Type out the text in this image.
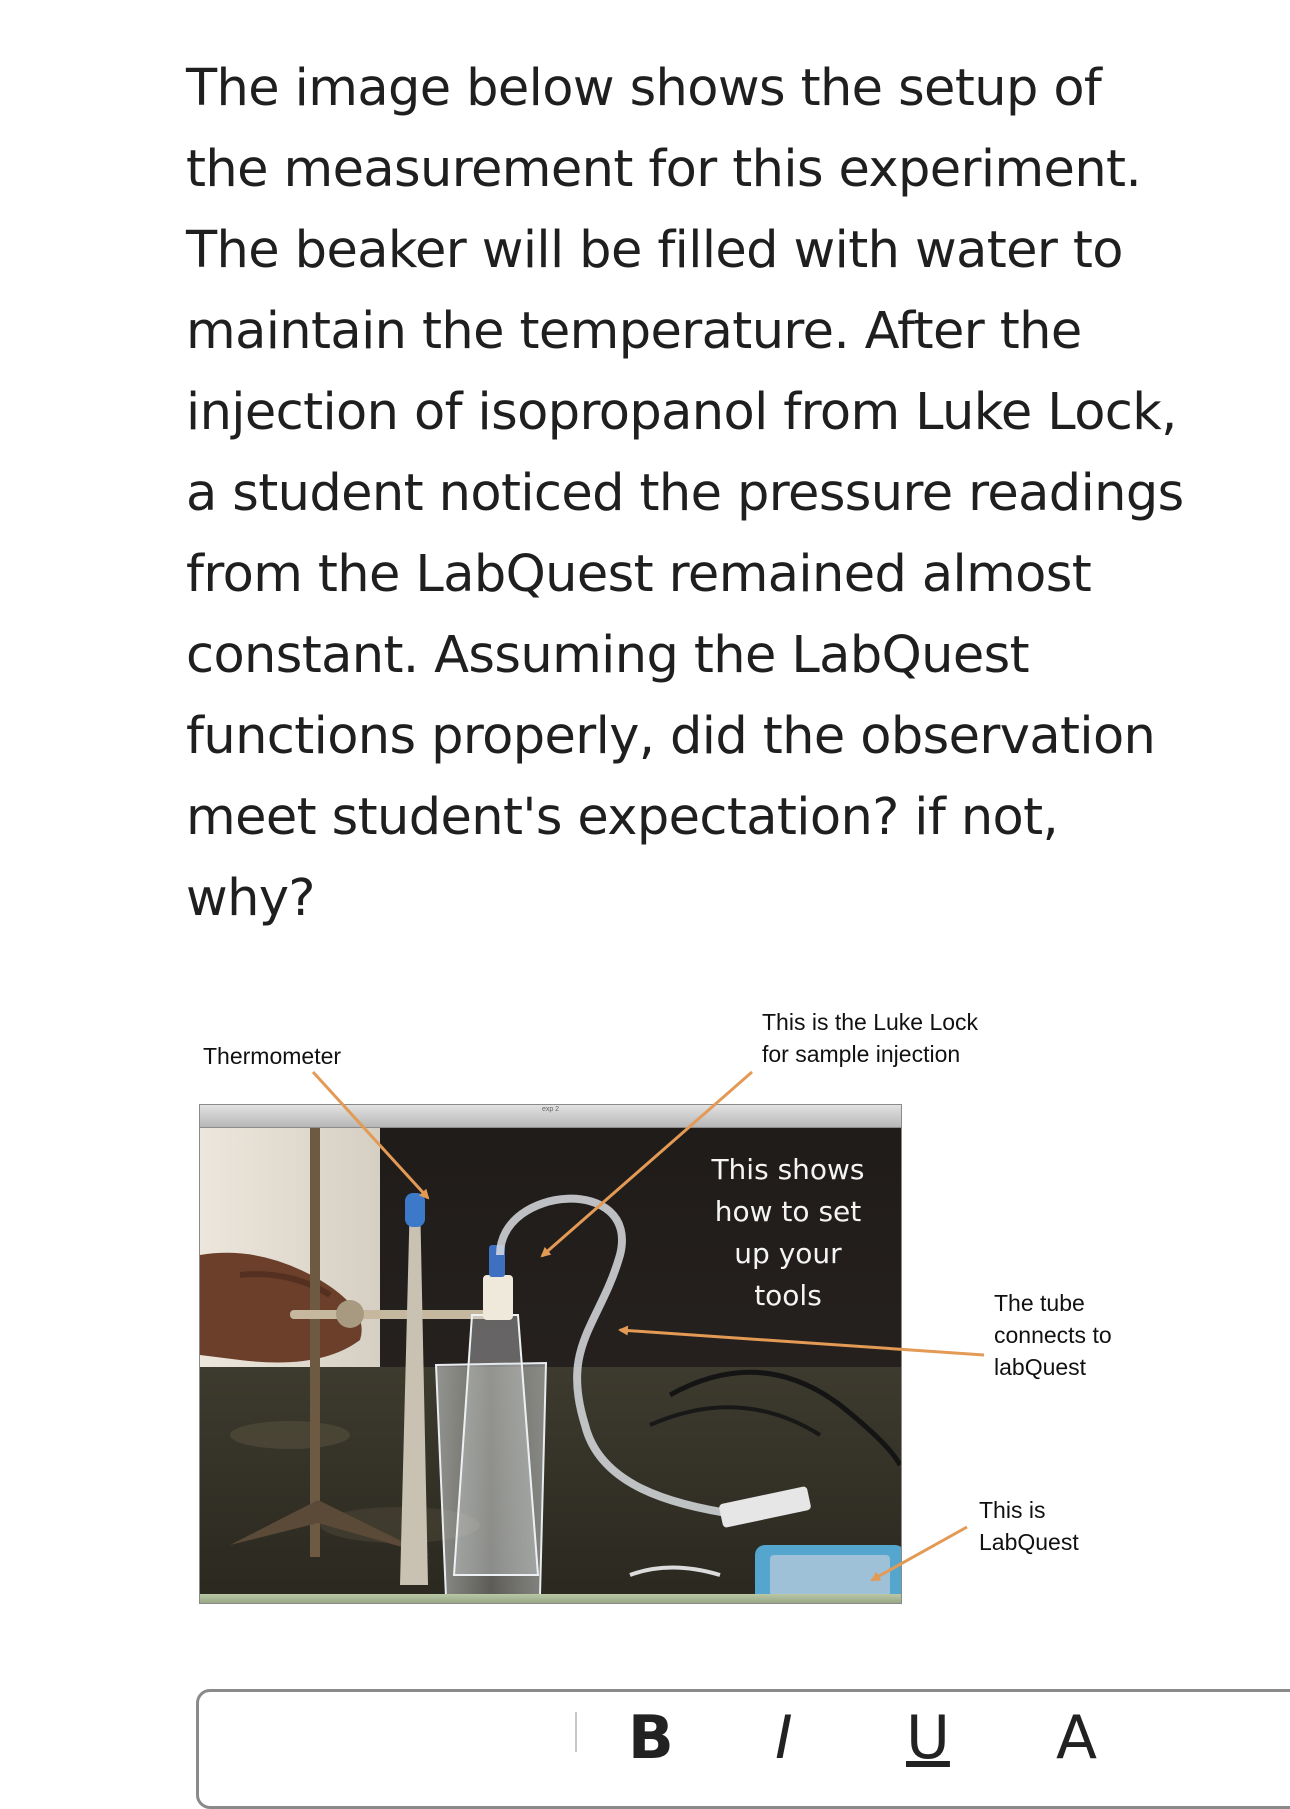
The image below shows the setup of the measurement for this experiment. The beaker will be filled with water to maintain the temperature. After the injection of isopropanol from Luke Lock, a student noticed the pressure readings from the LabQuest remained almost constant. Assuming the LabQuest functions properly, did the observation meet student's expectation? if not, why?

Thermometer
This is the Luke Lock
for sample injection
The tube
connects to
labQuest
This is
LabQuest
exp 2
This shows
how to set
up your
tools
B I U A
